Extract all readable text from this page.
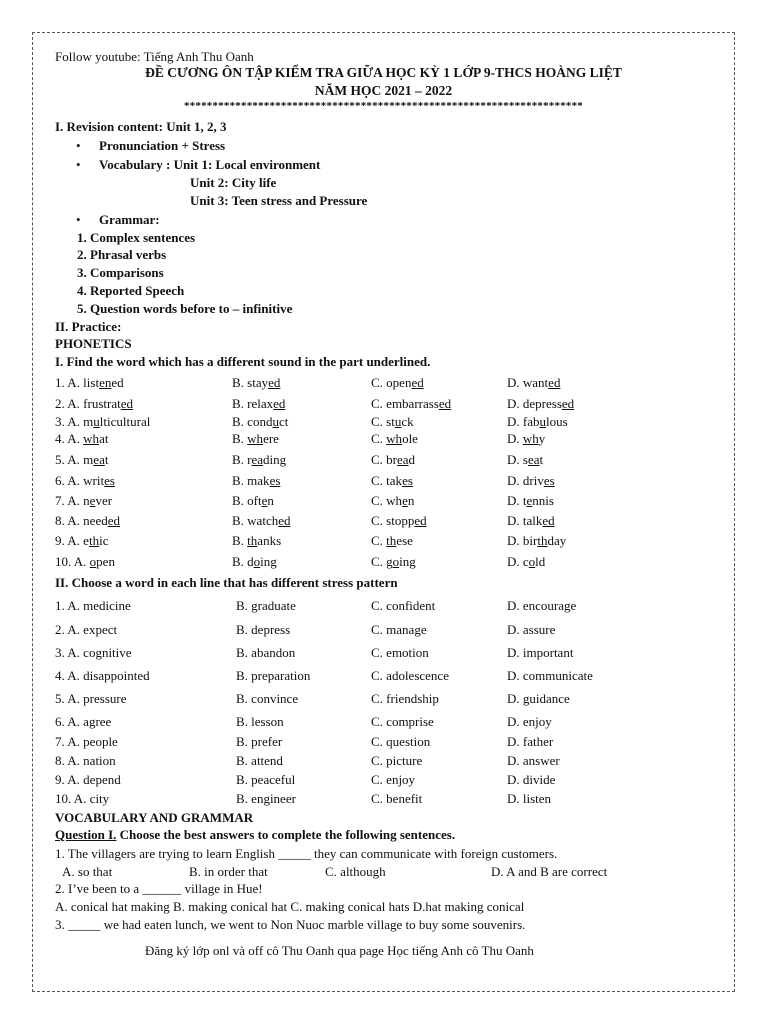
Follow youtube: Tiếng Anh Thu Oanh
ĐỀ CƯƠNG ÔN TẬP KIỂM TRA GIỮA HỌC KỲ 1 LỚP 9-THCS HOÀNG LIỆT
NĂM HỌC 2021 – 2022
**********************************************************************
I. Revision content: Unit 1, 2, 3
• Pronunciation + Stress
• Vocabulary : Unit 1: Local environment
Unit 2: City life
Unit 3: Teen stress and Pressure
• Grammar:
1. Complex sentences
2. Phrasal verbs
3. Comparisons
4. Reported Speech
5. Question words before to – infinitive
II. Practice:
PHONETICS
I. Find the word which has a different sound in the part underlined.
1. A. listened	B. stayed	C. opened	D. wanted
2. A. frustrated	B. relaxed	C. embarrassed	D. depressed
3. A. multicultural	B. conduct	C. stuck	D. fabulous
4. A. what	B. where	C. whole	D. why
5. A. meat	B. reading	C. bread	D. seat
6. A. writes	B. makes	C. takes	D. drives
7. A. never	B. often	C. when	D. tennis
8. A. needed	B. watched	C. stopped	D. talked
9. A. ethic	B. thanks	C. these	D. birthday
10. A. open	B. doing	C. going	D. cold
II. Choose a word in each line that has different stress pattern
1. A. medicine	B. graduate	C. confident	D. encourage
2. A. expect	B. depress	C. manage	D. assure
3. A. cognitive	B. abandon	C. emotion	D. important
4. A. disappointed	B. preparation	C. adolescence	D. communicate
5. A. pressure	B. convince	C. friendship	D. guidance
6. A. agree	B. lesson	C. comprise	D. enjoy
7. A. people	B. prefer	C. question	D. father
8. A. nation	B. attend	C. picture	D. answer
9. A. depend	B. peaceful	C. enjoy	D. divide
10. A. city	B. engineer	C. benefit	D. listen
VOCABULARY AND GRAMMAR
Question I. Choose the best answers to complete the following sentences.
1. The villagers are trying to learn English _____ they can communicate with foreign customers.
A. so that	B. in order that	C. although	D. A and B are correct
2. I’ve been to a ______ village in Hue!
A. conical hat making B. making conical hat C. making conical hats D.hat making conical
3. _____ we had eaten lunch, we went to Non Nuoc marble village to buy some souvenirs.
Đăng ký lớp onl và off cô Thu Oanh qua page Học tiếng Anh cô Thu Oanh
